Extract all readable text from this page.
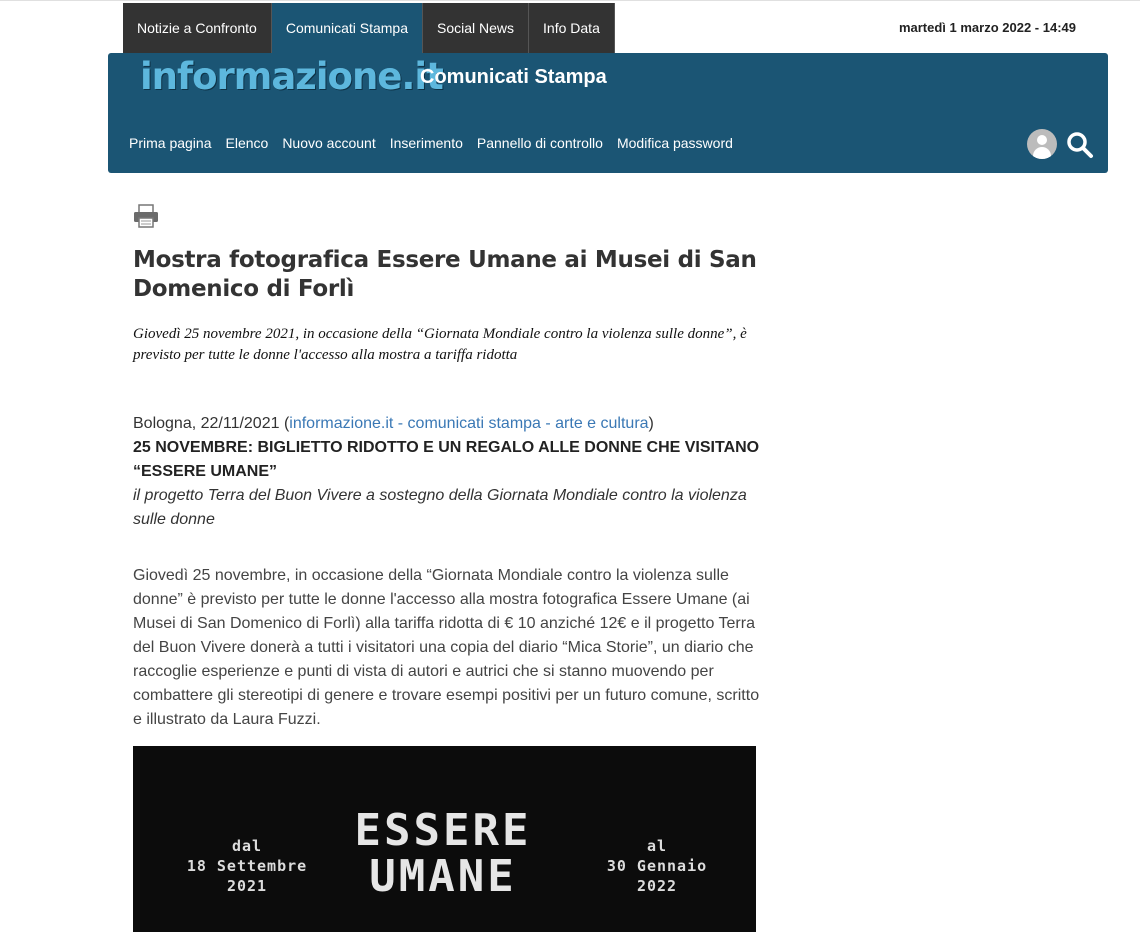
Notizie a Confronto	Comunicati Stampa	Social News	Info Data	martedì 1 marzo 2022 - 14:49
informazione.it
Comunicati Stampa
Prima pagina Elenco Nuovo account Inserimento Pannello di controllo Modifica password
Mostra fotografica Essere Umane ai Musei di San Domenico di Forlì

Giovedì 25 novembre 2021, in occasione della “Giornata Mondiale contro la violenza sulle donne”, è previsto per tutte le donne l'accesso alla mostra a tariffa ridotta

Bologna, 22/11/2021 (informazione.it - comunicati stampa - arte e cultura)
25 NOVEMBRE: BIGLIETTO RIDOTTO E UN REGALO ALLE DONNE CHE VISITANO “ESSERE UMANE”
il progetto Terra del Buon Vivere a sostegno della Giornata Mondiale contro la violenza sulle donne

Giovedì 25 novembre, in occasione della “Giornata Mondiale contro la violenza sulle donne” è previsto per tutte le donne l'accesso alla mostra fotografica Essere Umane (ai Musei di San Domenico di Forlì) alla tariffa ridotta di € 10 anziché 12€ e il progetto Terra del Buon Vivere donerà a tutti i visitatori una copia del diario “Mica Storie”, un diario che raccoglie esperienze e punti di vista di autori e autrici che si stanno muovendo per combattere gli stereotipi di genere e trovare esempi positivi per un futuro comune, scritto e illustrato da Laura Fuzzi.

dal
18 Settembre
2021
ESSERE
UMANE
al
30 Gennaio
2022
